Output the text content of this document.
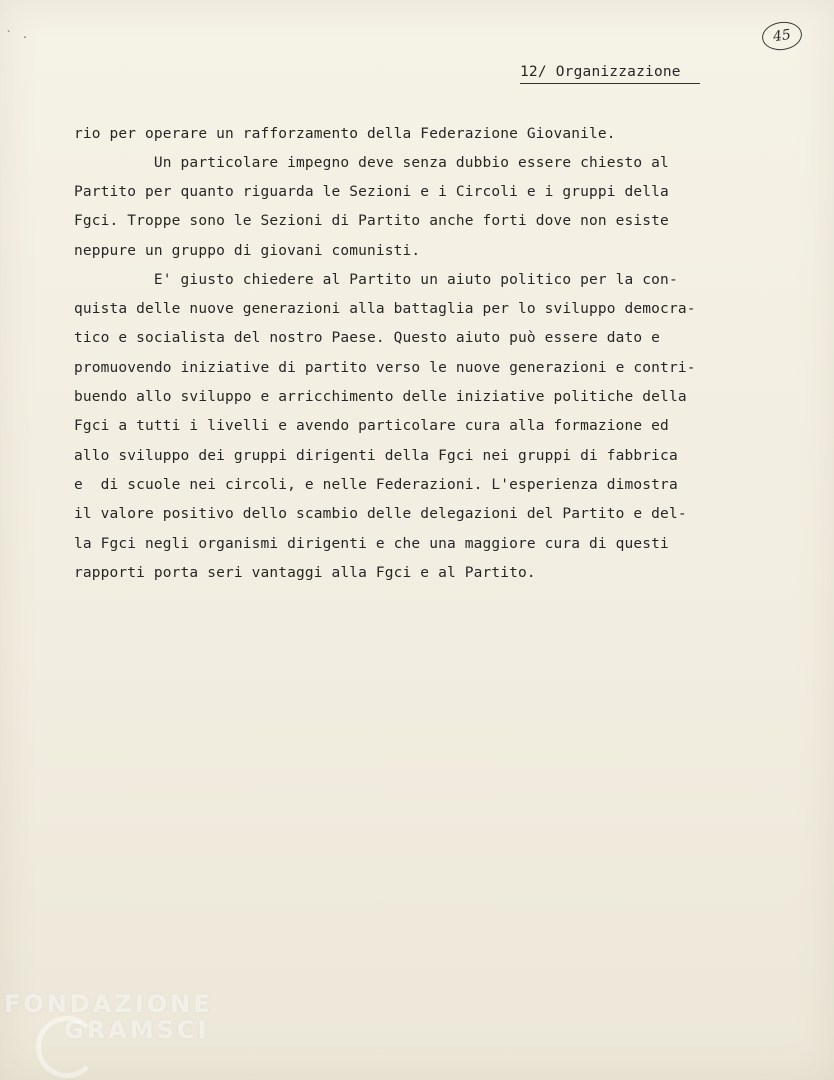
` .	45
12/ Organizzazione
rio per operare un rafforzamento della Federazione Giovanile.
Un particolare impegno deve senza dubbio essere chiesto al
Partito per quanto riguarda le Sezioni e i Circoli e i gruppi della
Fgci. Troppe sono le Sezioni di Partito anche forti dove non esiste
neppure un gruppo di giovani comunisti.
E' giusto chiedere al Partito un aiuto politico per la con-
quista delle nuove generazioni alla battaglia per lo sviluppo democra-
tico e socialista del nostro Paese. Questo aiuto può essere dato e
promuovendo iniziative di partito verso le nuove generazioni e contri-
buendo allo sviluppo e arricchimento delle iniziative politiche della
Fgci a tutti i livelli e avendo particolare cura alla formazione ed
allo sviluppo dei gruppi dirigenti della Fgci nei gruppi di fabbrica
e  di scuole nei circoli, e nelle Federazioni. L'esperienza dimostra
il valore positivo dello scambio delle delegazioni del Partito e del-
la Fgci negli organismi dirigenti e che una maggiore cura di questi
rapporti porta seri vantaggi alla Fgci e al Partito.
FONDAZIONE
GRAMSCI
